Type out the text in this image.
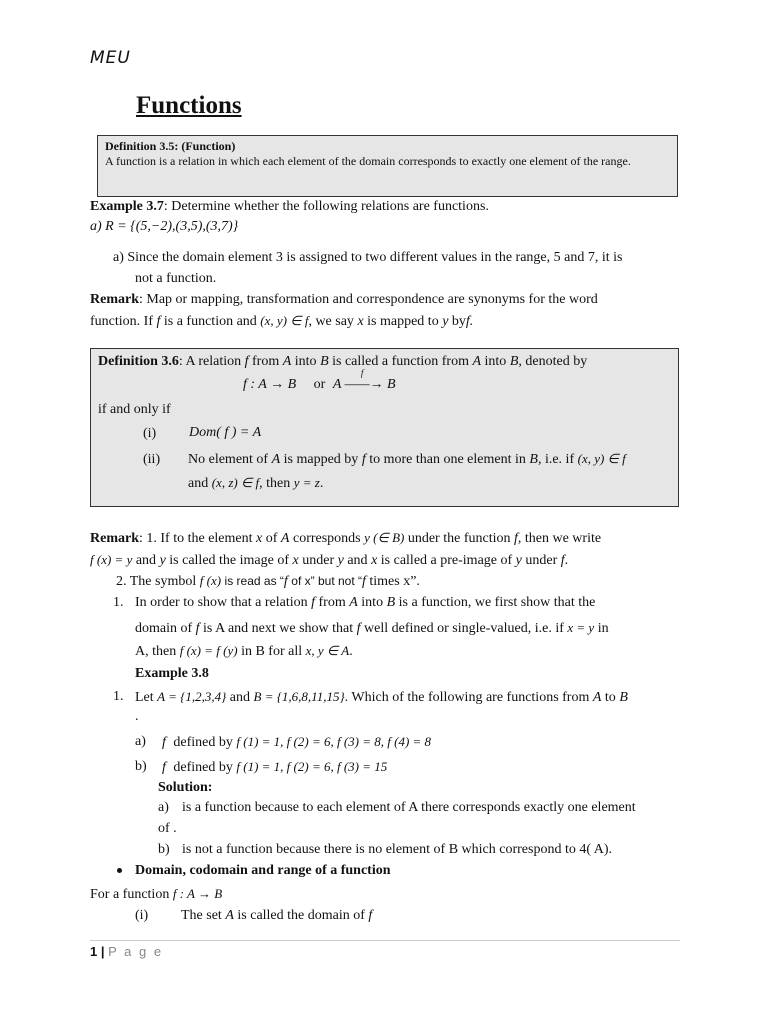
MEU
Functions
Definition 3.5: (Function)
A function is a relation in which each element of the domain corresponds to exactly one element of the range.
Example 3.7: Determine whether the following relations are functions.
a) R = {(5,−2),(3,5),(3,7)}
a) Since the domain element 3 is assigned to two different values in the range, 5 and 7, it is
not a function.
Remark: Map or mapping, transformation and correspondence are synonyms for the word
function. If f is a function and (x, y) ∈ f, we say x is mapped to y byf.
Definition 3.6: A relation f from A into B is called a function from A into B, denoted by
f : A → B or
f
A ——→ B
if and only if
(i) Dom( f ) = A
(ii) No element of A is mapped by f to more than one element in B, i.e. if (x, y) ∈ f
and (x, z) ∈ f, then y = z.
Remark: 1. If to the element x of A corresponds y (∈ B) under the function f, then we write
f (x) = y and y is called the image of x under y and x is called a pre-image of y under f.
2. The symbol f (x) is read as “f of x” but not “f times x”.
1. In order to show that a relation f from A into B is a function, we first show that the
domain of f is A and next we show that f well defined or single-valued, i.e. if x = y in
A, then f (x) = f (y) in B for all x, y ∈ A.
Example 3.8
1. Let A = {1,2,3,4} and B = {1,6,8,11,15}. Which of the following are functions from A to B
.
a) f defined by f (1) = 1, f (2) = 6, f (3) = 8, f (4) = 8
b) f defined by f (1) = 1, f (2) = 6, f (3) = 15
Solution:
a) is a function because to each element of A there corresponds exactly one element
of .
b) is not a function because there is no element of B which correspond to 4( A).
Domain, codomain and range of a function
For a function f : A → B
(i) The set A is called the domain of f
1 | P a g e
